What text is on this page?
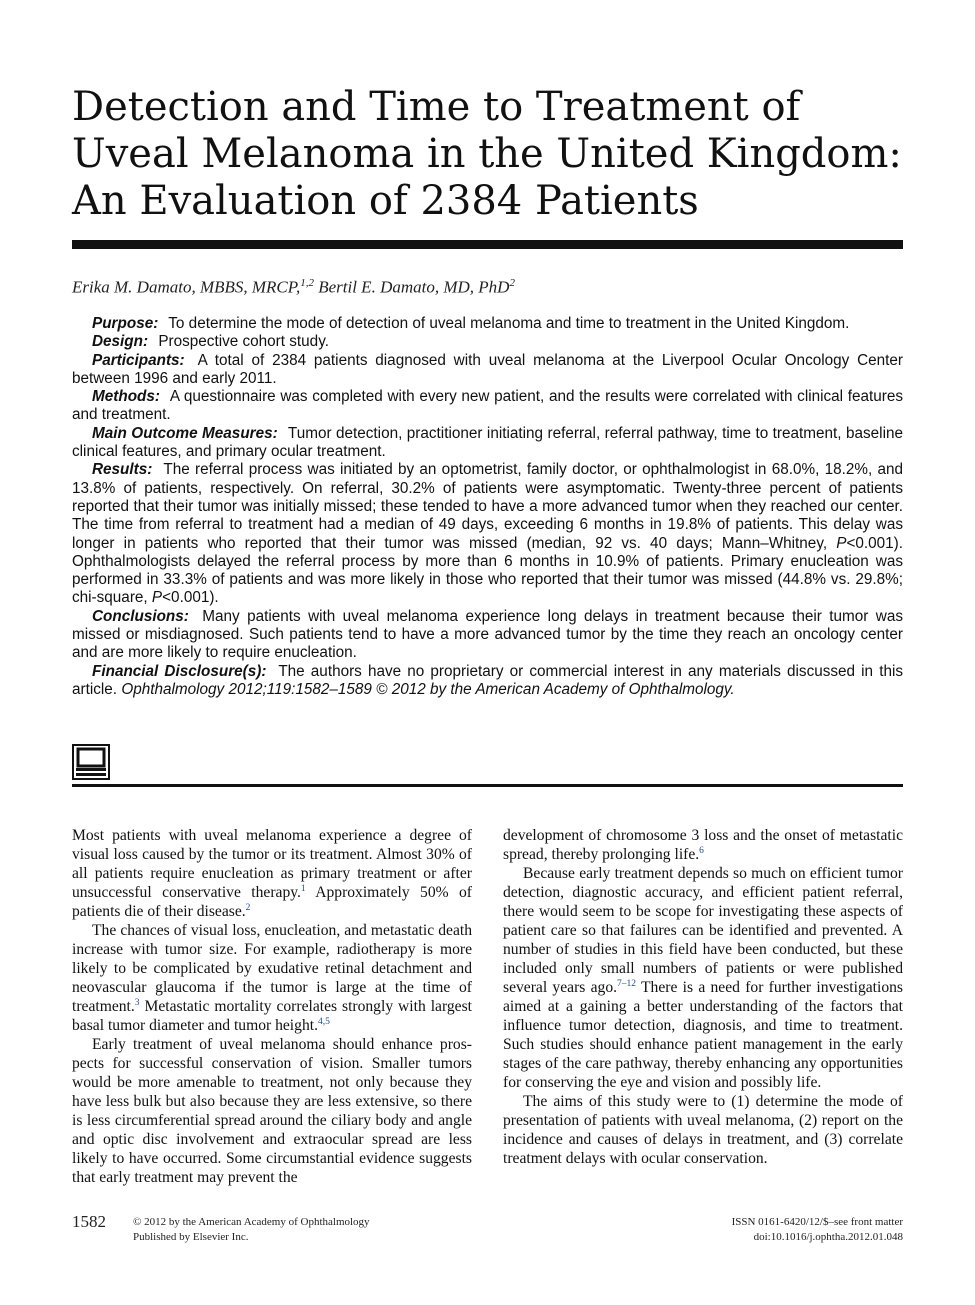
Detection and Time to Treatment of Uveal Melanoma in the United Kingdom: An Evaluation of 2384 Patients
Erika M. Damato, MBBS, MRCP,$^{1,2}$ Bertil E. Damato, MD, PhD$^2$

Purpose: To determine the mode of detection of uveal melanoma and time to treatment in the United Kingdom.

Design: Prospective cohort study.

Participants: A total of 2384 patients diagnosed with uveal melanoma at the Liverpool Ocular Oncology Center between 1996 and early 2011.

Methods: A questionnaire was completed with every new patient, and the results were correlated with clinical features and treatment.

Main Outcome Measures: Tumor detection, practitioner initiating referral, referral pathway, time to treatment, baseline clinical features, and primary ocular treatment.

Results: The referral process was initiated by an optometrist, family doctor, or ophthalmologist in 68.0%, 18.2%, and 13.8% of patients, respectively. On referral, 30.2% of patients were asymptomatic. Twenty-three percent of patients reported that their tumor was initially missed; these tended to have a more advanced tumor when they reached our center. The time from referral to treatment had a median of 49 days, exceeding 6 months in 19.8% of patients. This delay was longer in patients who reported that their tumor was missed (median, 92 vs. 40 days; Mann–Whitney, P<0.001). Ophthalmologists delayed the referral process by more than 6 months in 10.9% of patients. Primary enucleation was performed in 33.3% of patients and was more likely in those who reported that their tumor was missed (44.8% vs. 29.8%; chi-square, P<0.001).

Conclusions: Many patients with uveal melanoma experience long delays in treatment because their tumor was missed or misdiagnosed. Such patients tend to have a more advanced tumor by the time they reach an oncology center and are more likely to require enucleation.

Financial Disclosure(s): The authors have no proprietary or commercial interest in any materials discussed in this article. Ophthalmology 2012;119:1582–1589 © 2012 by the American Academy of Ophthalmology.

Most patients with uveal melanoma experience a degree of visual loss caused by the tumor or its treatment. Almost 30% of all patients require enucleation as primary treatment or after unsuccessful conservative therapy.$^1$ Approximately 50% of patients die of their disease.$^2$

The chances of visual loss, enucleation, and metastatic death increase with tumor size. For example, radiotherapy is more likely to be complicated by exudative retinal detachment and neovascular glaucoma if the tumor is large at the time of treatment.$^3$ Metastatic mortality correlates strongly with largest basal tumor diameter and tumor height.$^{4,5}$

Early treatment of uveal melanoma should enhance prospects for successful conservation of vision. Smaller tumors would be more amenable to treatment, not only because they have less bulk but also because they are less extensive, so there is less circumferential spread around the ciliary body and angle and optic disc involvement and extraocular spread are less likely to have occurred. Some circumstantial evidence suggests that early treatment may prevent the

development of chromosome 3 loss and the onset of metastatic spread, thereby prolonging life.$^6$

Because early treatment depends so much on efficient tumor detection, diagnostic accuracy, and efficient patient referral, there would seem to be scope for investigating these aspects of patient care so that failures can be identified and prevented. A number of studies in this field have been conducted, but these included only small numbers of patients or were published several years ago.$^{7-12}$ There is a need for further investigations aimed at a gaining a better understanding of the factors that influence tumor detection, diagnosis, and time to treatment. Such studies should enhance patient management in the early stages of the care pathway, thereby enhancing any opportunities for conserving the eye and vision and possibly life.

The aims of this study were to (1) determine the mode of presentation of patients with uveal melanoma, (2) report on the incidence and causes of delays in treatment, and (3) correlate treatment delays with ocular conservation.

1582 © 2012 by the American Academy of Ophthalmology
Published by Elsevier Inc.
ISSN 0161-6420/12/$–see front matter
doi:10.1016/j.ophtha.2012.01.048
